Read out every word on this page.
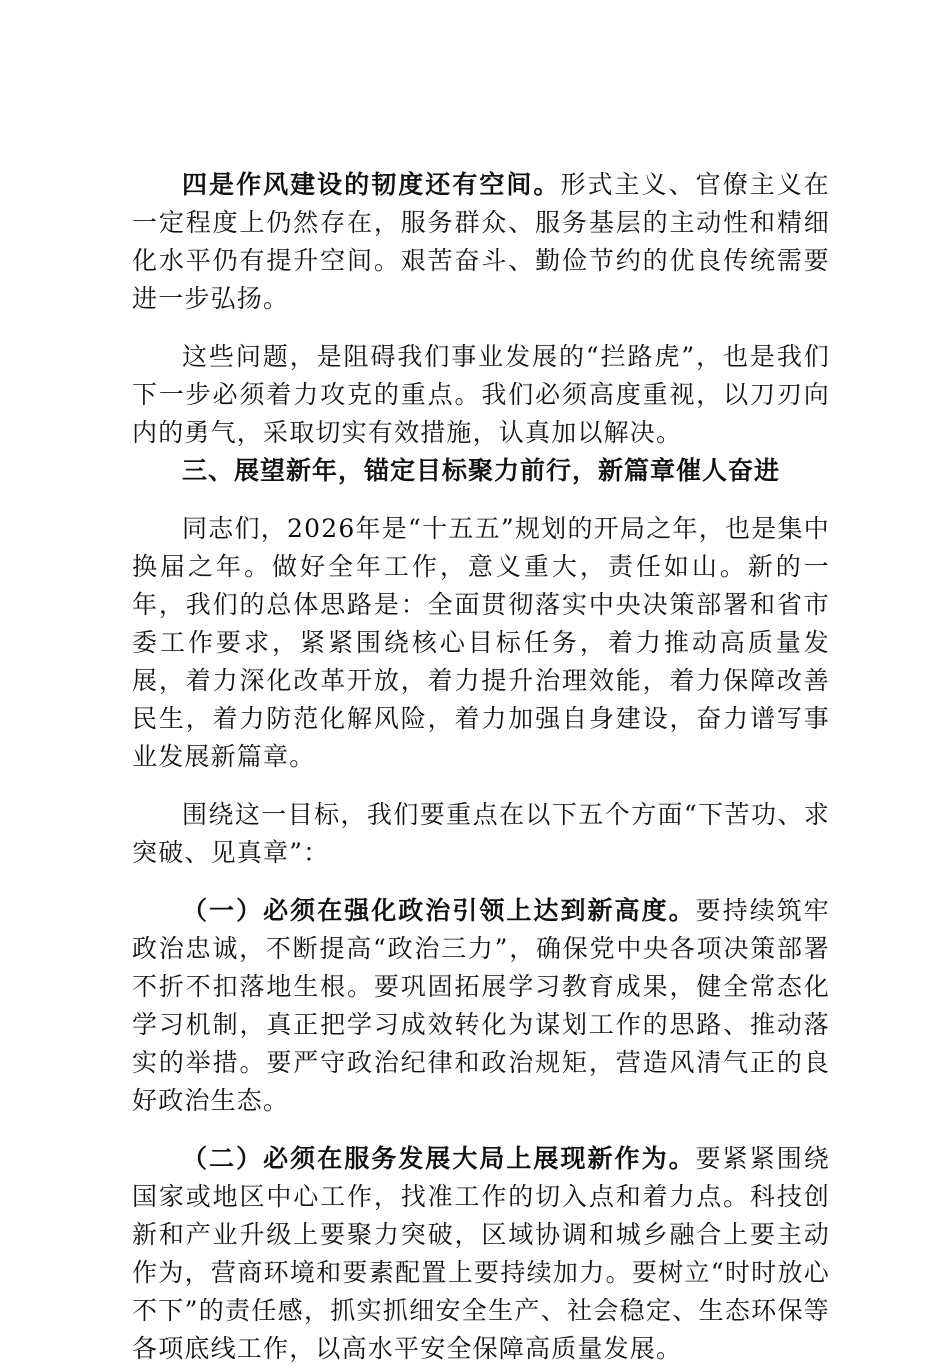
四是作风建设的韧度还有空间。形式主义、官僚主义在一定程度上仍然存在，服务群众、服务基层的主动性和精细化水平仍有提升空间。艰苦奋斗、勤俭节约的优良传统需要进一步弘扬。

这些问题，是阻碍我们事业发展的“拦路虎”，也是我们下一步必须着力攻克的重点。我们必须高度重视，以刀刃向内的勇气，采取切实有效措施，认真加以解决。

三、展望新年，锚定目标聚力前行，新篇章催人奋进

同志们，2026年是“十五五”规划的开局之年，也是集中换届之年。做好全年工作，意义重大，责任如山。新的一年，我们的总体思路是：全面贯彻落实中央决策部署和省市委工作要求，紧紧围绕核心目标任务，着力推动高质量发展，着力深化改革开放，着力提升治理效能，着力保障改善民生，着力防范化解风险，着力加强自身建设，奋力谱写事业发展新篇章。

围绕这一目标，我们要重点在以下五个方面“下苦功、求突破、见真章”：

（一）必须在强化政治引领上达到新高度。要持续筑牢政治忠诚，不断提高“政治三力”，确保党中央各项决策部署不折不扣落地生根。要巩固拓展学习教育成果，健全常态化学习机制，真正把学习成效转化为谋划工作的思路、推动落实的举措。要严守政治纪律和政治规矩，营造风清气正的良好政治生态。

（二）必须在服务发展大局上展现新作为。要紧紧围绕国家或地区中心工作，找准工作的切入点和着力点。科技创新和产业升级上要聚力突破，区域协调和城乡融合上要主动作为，营商环境和要素配置上要持续加力。要树立“时时放心不下”的责任感，抓实抓细安全生产、社会稳定、生态环保等各项底线工作，以高水平安全保障高质量发展。
